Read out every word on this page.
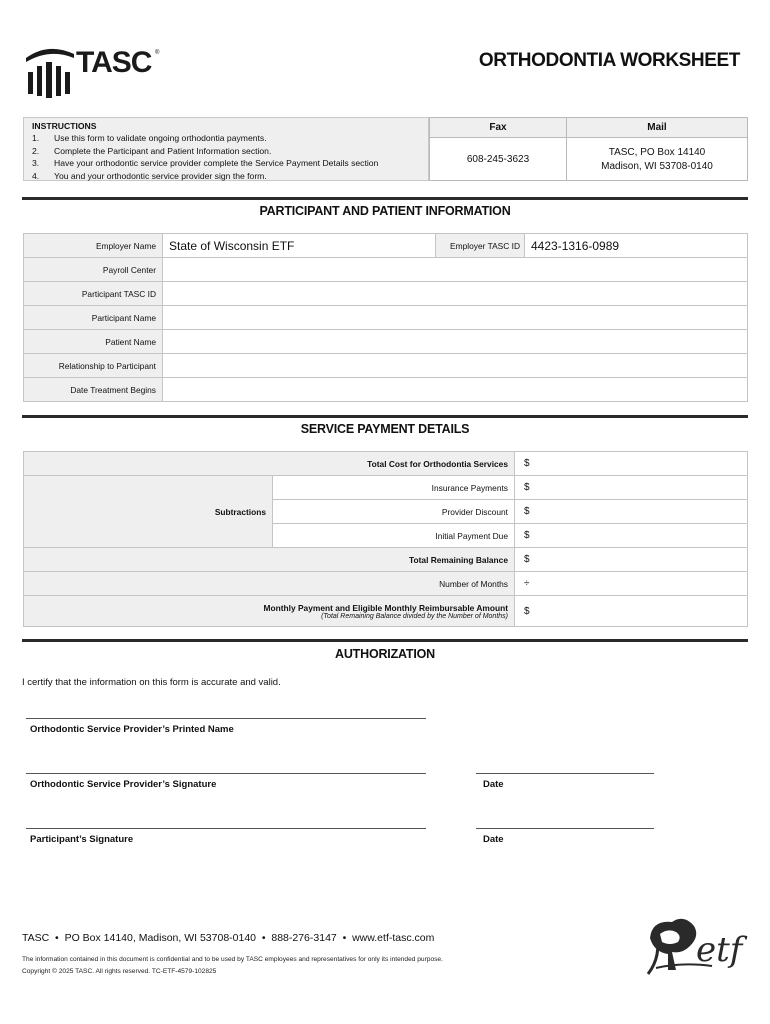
TASC ®	ORTHODONTIA WORKSHEET
INSTRUCTIONS
1.	Use this form to validate ongoing orthodontia payments.
2.	Complete the Participant and Patient Information section.
3.	Have your orthodontic service provider complete the Service Payment Details section
4.	You and your orthodontic service provider sign the form.
Fax	Mail
608-245-3623
TASC, PO Box 14140
Madison, WI 53708-0140
PARTICIPANT AND PATIENT INFORMATION
Employer Name	State of Wisconsin ETF	Employer TASC ID	4423-1316-0989
Payroll Center			
Participant TASC ID			
Participant Name			
Patient Name			
Relationship to Participant			
Date Treatment Begins			
SERVICE PAYMENT DETAILS
Total Cost for Orthodontia Services		$
Subtractions	Insurance Payments	$
	Provider Discount	$
	Initial Payment Due	$
Total Remaining Balance		$
Number of Months		÷
Monthly Payment and Eligible Monthly Reimbursable Amount
(Total Remaining Balance divided by the Number of Months)		$
AUTHORIZATION
I certify that the information on this form is accurate and valid.
Orthodontic Service Provider’s Printed Name
Orthodontic Service Provider’s Signature	Date
Participant’s Signature	Date
TASC  •  PO Box 14140, Madison, WI 53708-0140  •  888-276-3147  •  www.etf-tasc.com
The information contained in this document is confidential and to be used by TASC employees and representatives for only its intended purpose.
Copyright © 2025 TASC. All rights reserved. TC-ETF-4579-102825
etf
